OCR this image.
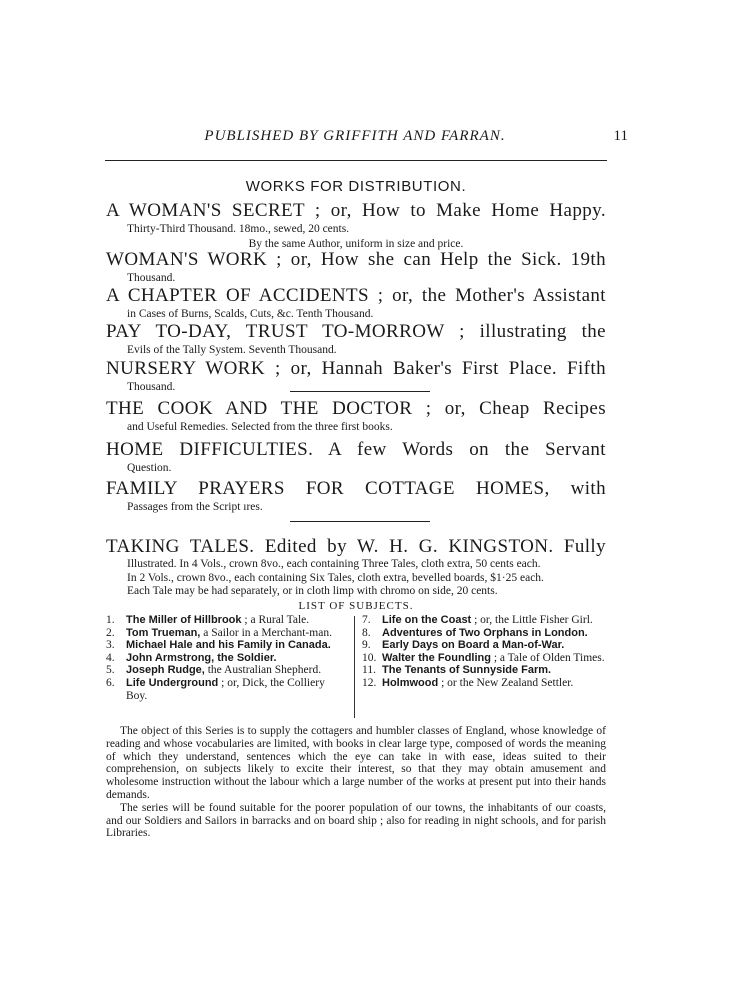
PUBLISHED BY GRIFFITH AND FARRAN.	11
WORKS FOR DISTRIBUTION.
A WOMAN'S SECRET ; or, How to Make Home Happy.
Thirty-Third Thousand. 18mo., sewed, 20 cents.
By the same Author, uniform in size and price.
WOMAN'S WORK ; or, How she can Help the Sick. 19th
Thousand.
A CHAPTER OF ACCIDENTS ; or, the Mother's Assistant
in Cases of Burns, Scalds, Cuts, &c. Tenth Thousand.
PAY TO-DAY, TRUST TO-MORROW ; illustrating the
Evils of the Tally System. Seventh Thousand.
NURSERY WORK ; or, Hannah Baker's First Place. Fifth
Thousand.
THE COOK AND THE DOCTOR ; or, Cheap Recipes
and Useful Remedies. Selected from the three first books.
HOME DIFFICULTIES. A few Words on the Servant
Question.
FAMILY PRAYERS FOR COTTAGE HOMES, with
Passages from the Script ıres.
TAKING TALES. Edited by W. H. G. KINGSTON. Fully
Illustrated. In 4 Vols., crown 8vo., each containing Three Tales, cloth extra, 50 cents each.
In 2 Vols., crown 8vo., each containing Six Tales, cloth extra, bevelled boards, $1·25 each.
Each Tale may be had separately, or in cloth limp with chromo on side, 20 cents.
LIST OF SUBJECTS.
1. The Miller of Hillbrook ; a Rural Tale.
2. Tom Trueman, a Sailor in a Merchant-man.
3. Michael Hale and his Family in Canada.
4. John Armstrong, the Soldier.
5. Joseph Rudge, the Australian Shepherd.
6. Life Underground ; or, Dick, the Colliery Boy.
7. Life on the Coast ; or, the Little Fisher Girl.
8. Adventures of Two Orphans in London.
9. Early Days on Board a Man-of-War.
10. Walter the Foundling ; a Tale of Olden Times.
11. The Tenants of Sunnyside Farm.
12. Holmwood ; or the New Zealand Settler.

The object of this Series is to supply the cottagers and humbler classes of England, whose knowledge of reading and whose vocabularies are limited, with books in clear large type, composed of words the meaning of which they understand, sentences which the eye can take in with ease, ideas suited to their comprehension, on subjects likely to excite their interest, so that they may obtain amusement and wholesome instruction without the labour which a large number of the works at present put into their hands demands.

The series will be found suitable for the poorer population of our towns, the inhabitants of our coasts, and our Soldiers and Sailors in barracks and on board ship ; also for reading in night schools, and for parish Libraries.
